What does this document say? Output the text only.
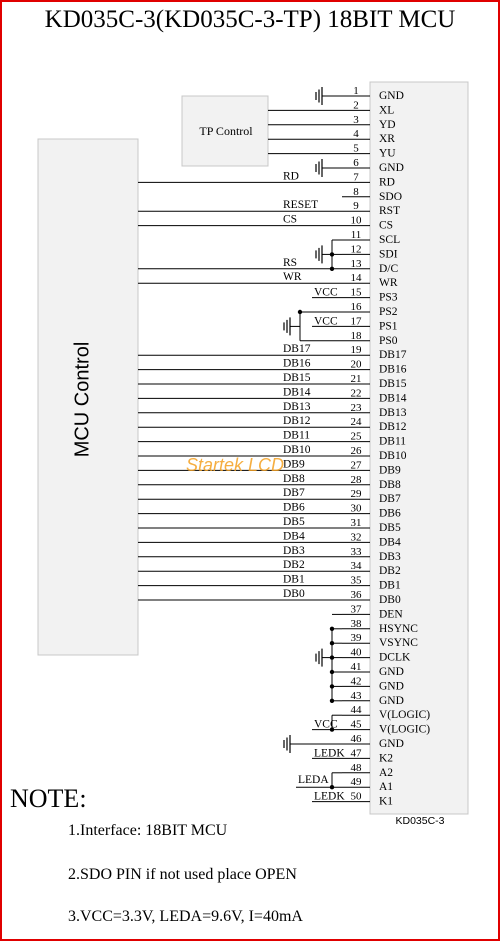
KD035C-3(KD035C-3-TP) 18BIT MCU
1 GND
2 XL
3 YD
4 XR
5 YU
6 GND
7 RD
8 SDO
9 RST
10 CS
11 SCL
12 SDI
13 D/C
14 WR
15 PS3
16 PS2
17 PS1
18 PS0
19 DB17
20 DB16
21 DB15
22 DB14
23 DB13
24 DB12
25 DB11
26 DB10
27 DB9
28 DB8
29 DB7
30 DB6
31 DB5
32 DB4
33 DB3
34 DB2
35 DB1
36 DB0
37 DEN
38 HSYNC
39 VSYNC
40 DCLK
41 GND
42 GND
43 GND
44 V(LOGIC)
45 V(LOGIC)
46 GND
47 K2
48 A2
49 A1
50 K1
RD
RESET
CS
RS
WR
DB17
DB16
DB15
DB14
DB13
DB12
DB11
DB10
DB9
DB8
DB7
DB6
DB5
DB4
DB3
DB2
DB1
DB0
VCC
VCC
VCC
LEDK
LEDA
LEDK
TP Control
MCU Control
Startek LCD
KD035C-3
NOTE:
1.Interface: 18BIT MCU
2.SDO PIN if not used place OPEN
3.VCC=3.3V, LEDA=9.6V, I=40mA
